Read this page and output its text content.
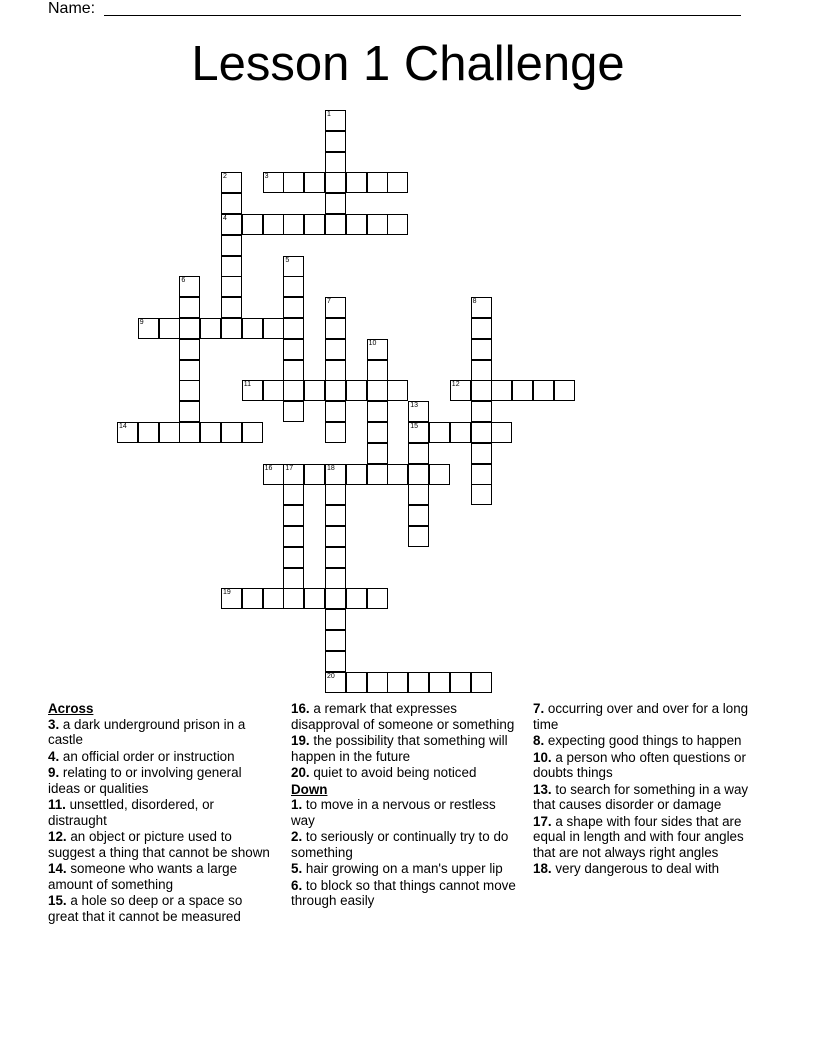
Name:
Lesson 1 Challenge
3
4
9
11	12
14	15
16 17	18
19
20
1
2
5
6
7	8
10
13
Across
3. a dark underground prison in a castle
4. an official order or instruction
9. relating to or involving general ideas or qualities
11. unsettled, disordered, or distraught
12. an object or picture used to suggest a thing that cannot be shown
14. someone who wants a large amount of something
15. a hole so deep or a space so great that it cannot be measured
16. a remark that expresses disapproval of someone or something
19. the possibility that something will happen in the future
20. quiet to avoid being noticed
Down
1. to move in a nervous or restless way
2. to seriously or continually try to do something
5. hair growing on a man's upper lip
6. to block so that things cannot move through easily
7. occurring over and over for a long time
8. expecting good things to happen
10. a person who often questions or doubts things
13. to search for something in a way that causes disorder or damage
17. a shape with four sides that are equal in length and with four angles that are not always right angles
18. very dangerous to deal with
